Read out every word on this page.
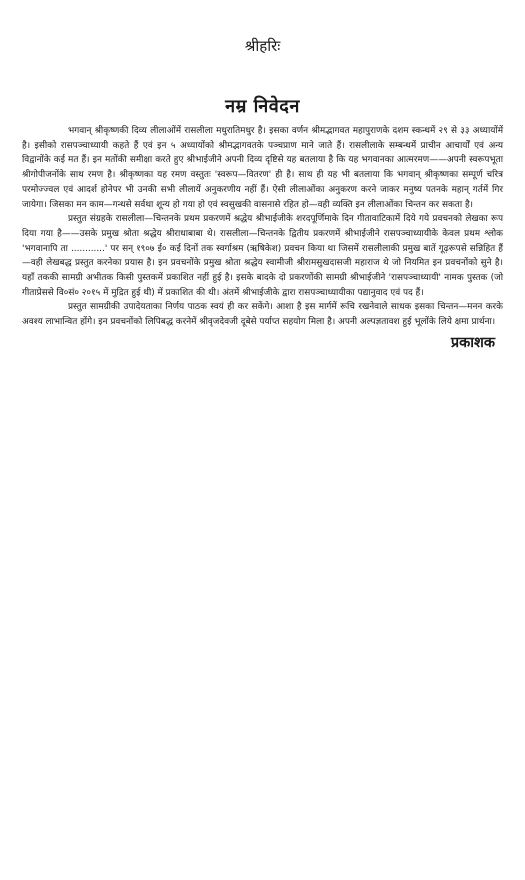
श्रीहरिः
नम्र निवेदन

भगवान् श्रीकृष्णकी दिव्य लीलाओंमें रासलीला मधुरातिमधुर है। इसका वर्णन श्रीमद्भागवत महापुराणके दशम स्कन्धमें २९ से ३३ अध्यायोंमें है। इसीको रासपञ्चाध्यायी कहते हैं एवं इन ५ अध्यायोंको श्रीमद्भागवतके पञ्चप्राण माने जाते हैं। रासलीलाके सम्बन्धमें प्राचीन आचार्यों एवं अन्य विद्वानोंके कई मत हैं। इन मतोंकी समीक्षा करते हुए श्रीभाईजीने अपनी दिव्य दृष्टिसे यह बतलाया है कि यह भगवानका आत्मरमण——अपनी स्वरूपभूता श्रीगोपीजनोंके साथ रमण है। श्रीकृष्णका यह रमण वस्तुतः 'स्वरूप—वितरण' ही है। साथ ही यह भी बतलाया कि भगवान् श्रीकृष्णका सम्पूर्ण चरित्र परमोज्ज्वल एवं आदर्श होनेपर भी उनकी सभी लीलायें अनुकरणीय नहीं हैं। ऐसी लीलाओंका अनुकरण करने जाकर मनुष्य पतनके महान् गर्तमें गिर जायेगा। जिसका मन काम—गन्धसे सर्वथा शून्य हो गया हो एवं स्वसुखकी वासनासे रहित हो—वही व्यक्ति इन लीलाओंका चिन्तन कर सकता है।

प्रस्तुत संग्रहके रासलीला—चिन्तनके प्रथम प्रकरणमें श्रद्धेय श्रीभाईजीके शरदपूर्णिमाके दिन गीतावाटिकामें दिये गये प्रवचनको लेखका रूप दिया गया है——उसके प्रमुख श्रोता श्रद्धेय श्रीराधाबाबा थे। रासलीला—चिन्तनके द्वितीय प्रकरणमें श्रीभाईजीने रासपञ्चाध्यायीके केवल प्रथम श्लोक 'भगवानापि ता ............' पर सन् १९०७ ई० कई दिनों तक स्वर्गाश्रम (ऋषिकेश) प्रवचन किया था जिसमें रासलीलाकी प्रमुख बातें गूढ़रूपसे सन्निहित हैं—वही लेखबद्ध प्रस्तुत करनेका प्रयास है। इन प्रवचनोंके प्रमुख श्रोता श्रद्धेय स्वामीजी श्रीरामसुखदासजी महाराज थे जो नियमित इन प्रवचनोंको सुने है। यहाँ तककी सामग्री अभीतक किसी पुस्तकमें प्रकाशित नहीं हुई है। इसके बादके दो प्रकरणोंकी सामग्री श्रीभाईजीने 'रासपञ्चाध्यायी' नामक पुस्तक (जो गीताप्रेससे वि०सं० २०१५ में मुद्रित हुई थी) में प्रकाशित की थी। अंतमें श्रीभाईजीके द्वारा रासपञ्चाध्यायीका पद्यानुवाद एवं पद हैं।

प्रस्तुत सामग्रीकी उपादेयताका निर्णय पाठक स्वयं ही कर सकेंगे। आशा है इस मार्गमें रूचि रखनेवाले साधक इसका चिन्तन—मनन करके अवश्य लाभान्वित होंगे। इन प्रवचनोंको लिपिबद्ध करनेमें श्रीवृजदेवजी दूबेसे पर्याप्त सहयोग मिला है। अपनी अल्पज्ञतावश हुई भूलोंके लिये क्षमा प्रार्थना।

प्रकाशक
